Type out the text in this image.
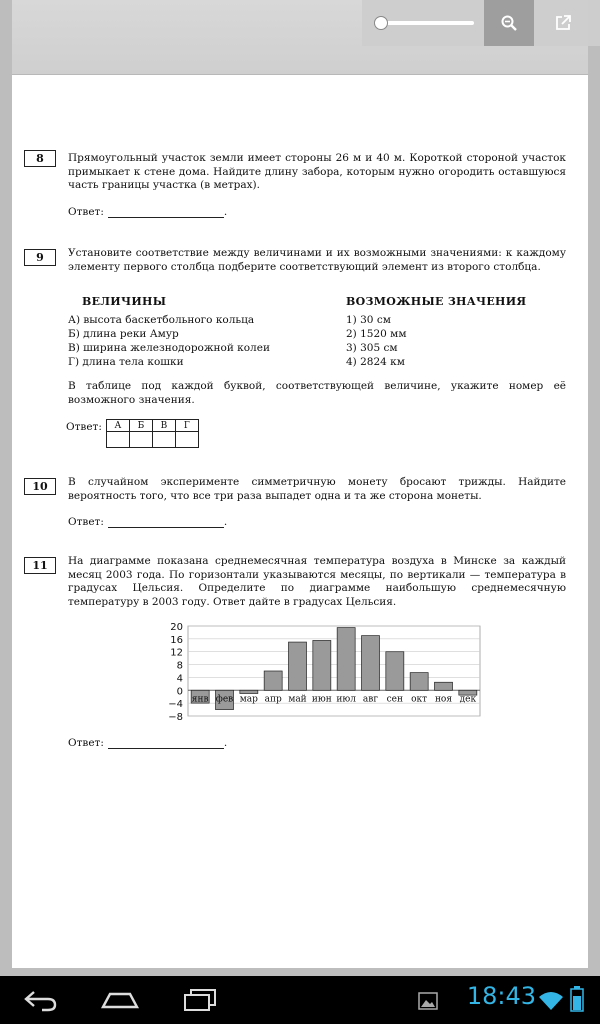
8	Прямоугольный участок земли имеет стороны 26 м и 40 м. Короткой стороной участок примыкает к стене дома. Найдите длину забора, которым нужно огородить оставшуюся часть границы участка (в метрах).
Ответ:	.
9	Установите соответствие между величинами и их возможными значениями: к каждому элементу первого столбца подберите соответствующий элемент из второго столбца.
ВЕЛИЧИНЫ	ВОЗМОЖНЫЕ ЗНАЧЕНИЯ
А) высота баскетбольного кольца	1) 30 см
Б) длина реки Амур	2) 1520 мм
В) ширина железнодорожной колеи	3) 305 см
Г) длина тела кошки	4) 2824 км
В таблице под каждой буквой, соответствующей величине, укажите номер её возможного значения.
Ответ: А	Б	В	Г

10	В случайном эксперименте симметричную монету бросают трижды. Найдите вероятность того, что все три раза выпадет одна и та же сторона монеты.
Ответ:	.
11	На диаграмме показана среднемесячная температура воздуха в Минске за каждый месяц 2003 года. По горизонтали указываются месяцы, по вертикали — температура в градусах Цельсия. Определите по диаграмме наибольшую среднемесячную температуру в 2003 году. Ответ дайте в градусах Цельсия.
Ответ:	.
20
16
12
8
4
0
−4
−8
янв фев мар апр май июн июл авг сен окт ноя дек
18:43
